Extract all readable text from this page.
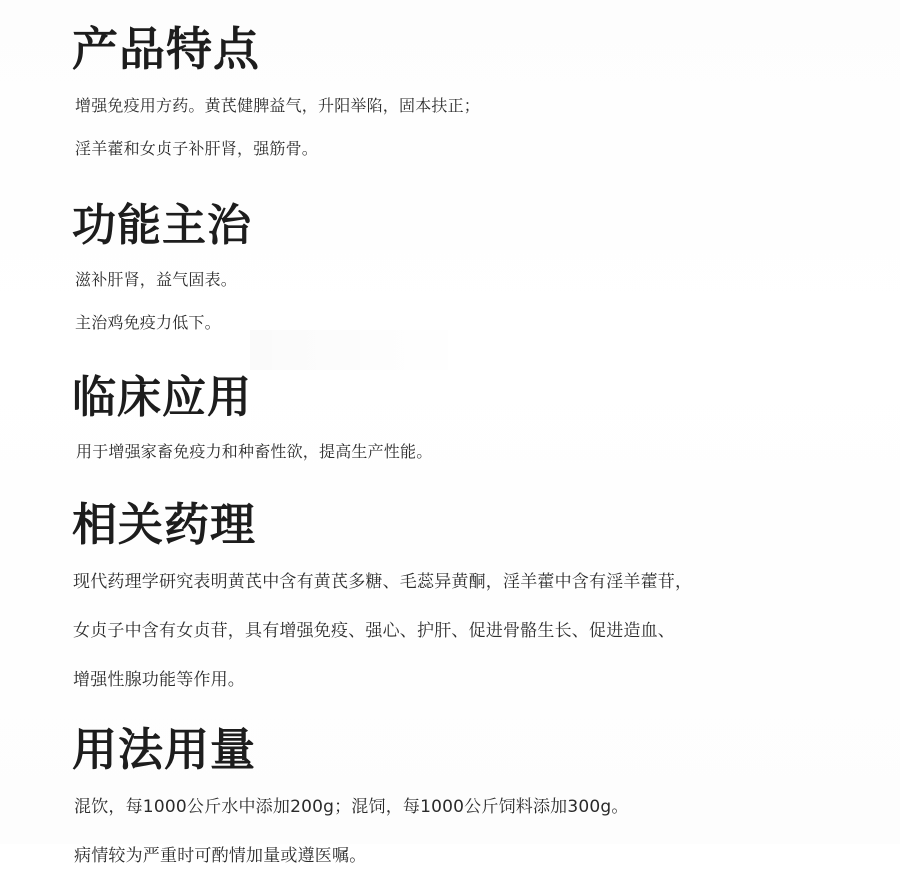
产品特点

增强免疫用方药。黄芪健脾益气，升阳举陷，固本扶正；

淫羊藿和女贞子补肝肾，强筋骨。

功能主治

滋补肝肾，益气固表。

主治鸡免疫力低下。

临床应用

用于增强家畜免疫力和种畜性欲，提高生产性能。

相关药理

现代药理学研究表明黄芪中含有黄芪多糖、毛蕊异黄酮，淫羊藿中含有淫羊藿苷，

女贞子中含有女贞苷，具有增强免疫、强心、护肝、促进骨骼生长、促进造血、

增强性腺功能等作用。

用法用量

混饮，每1000公斤水中添加200g；混饲，每1000公斤饲料添加300g。

病情较为严重时可酌情加量或遵医嘱。
